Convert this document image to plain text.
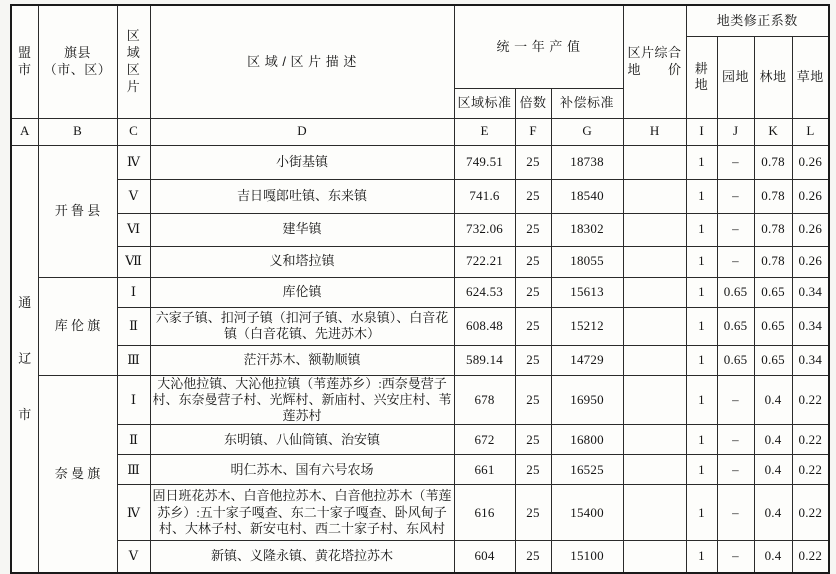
盟
市	旗县
（市、区）	区
域
区
片	区 域 / 区 片 描 述	统 一 年 产 值			区片综合
地　　价	地类修正系数			
								耕地	园地	林地	草地
				区域标准	倍数	补偿标准					
A	B	C	D	E	F	G	H	I	J	K	L

通
辽
市	开 鲁 县	Ⅳ	小街基镇	749.51	25	18738		1	–	0.78	0.26
		Ⅴ	吉日嘎郎吐镇、东来镇	741.6	25	18540		1	–	0.78	0.26
		Ⅵ	建华镇	732.06	25	18302		1	–	0.78	0.26
		Ⅶ	义和塔拉镇	722.21	25	18055		1	–	0.78	0.26
	库 伦 旗	Ⅰ	库伦镇	624.53	25	15613		1	0.65	0.65	0.34
		Ⅱ	六家子镇、扣河子镇（扣河子镇、水泉镇）、白音花镇（白音花镇、先进苏木）	608.48	25	15212		1	0.65	0.65	0.34
		Ⅲ	茫汗苏木、额勒顺镇	589.14	25	14729		1	0.65	0.65	0.34
	奈 曼 旗	Ⅰ	大沁他拉镇、大沁他拉镇（苇莲苏乡）:西奈曼营子村、东奈曼营子村、光辉村、新庙村、兴安庄村、苇莲苏村	678	25	16950		1	–	0.4	0.22
		Ⅱ	东明镇、八仙筒镇、治安镇	672	25	16800		1	–	0.4	0.22
		Ⅲ	明仁苏木、国有六号农场	661	25	16525		1	–	0.4	0.22
		Ⅳ	固日班花苏木、白音他拉苏木、白音他拉苏木（苇莲苏乡）:五十家子嘎查、东二十家子嘎查、卧风甸子村、大林子村、新安屯村、西二十家子村、东风村	616	25	15400		1	–	0.4	0.22
		Ⅴ	新镇、义隆永镇、黄花塔拉苏木	604	25	15100		1	–	0.4	0.22
